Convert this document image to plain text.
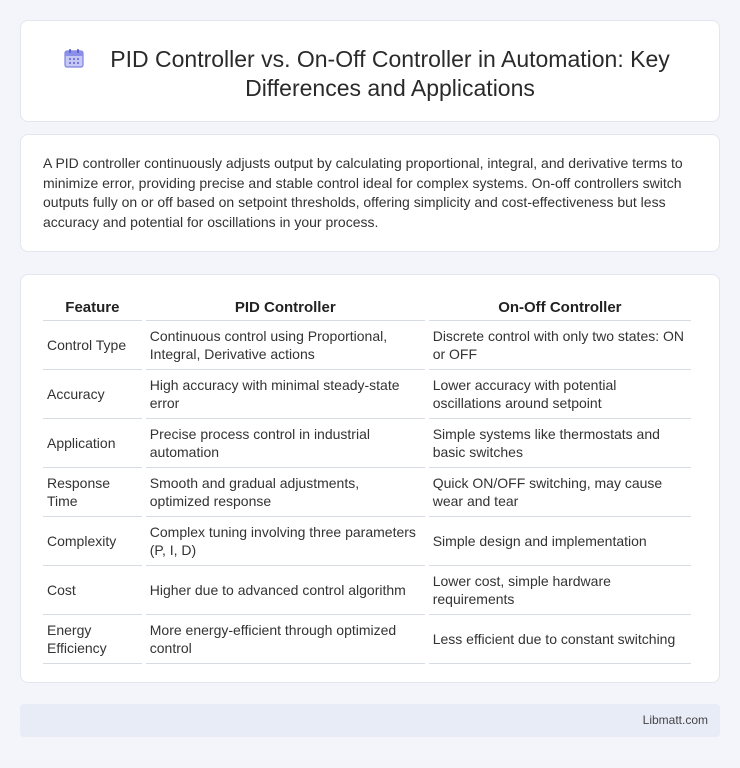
PID Controller vs. On-Off Controller in Automation: Key Differences and Applications

A PID controller continuously adjusts output by calculating proportional, integral, and derivative terms to minimize error, providing precise and stable control ideal for complex systems. On-off controllers switch outputs fully on or off based on setpoint thresholds, offering simplicity and cost-effectiveness but less accuracy and potential for oscillations in your process.

Feature	PID Controller	On-Off Controller
Control Type	Continuous control using Proportional, Integral, Derivative actions	Discrete control with only two states: ON or OFF
Accuracy	High accuracy with minimal steady-state error	Lower accuracy with potential oscillations around setpoint
Application	Precise process control in industrial automation	Simple systems like thermostats and basic switches
Response Time	Smooth and gradual adjustments, optimized response	Quick ON/OFF switching, may cause wear and tear
Complexity	Complex tuning involving three parameters (P, I, D)	Simple design and implementation
Cost	Higher due to advanced control algorithm	Lower cost, simple hardware requirements
Energy Efficiency	More energy-efficient through optimized control	Less efficient due to constant switching
Libmatt.com
